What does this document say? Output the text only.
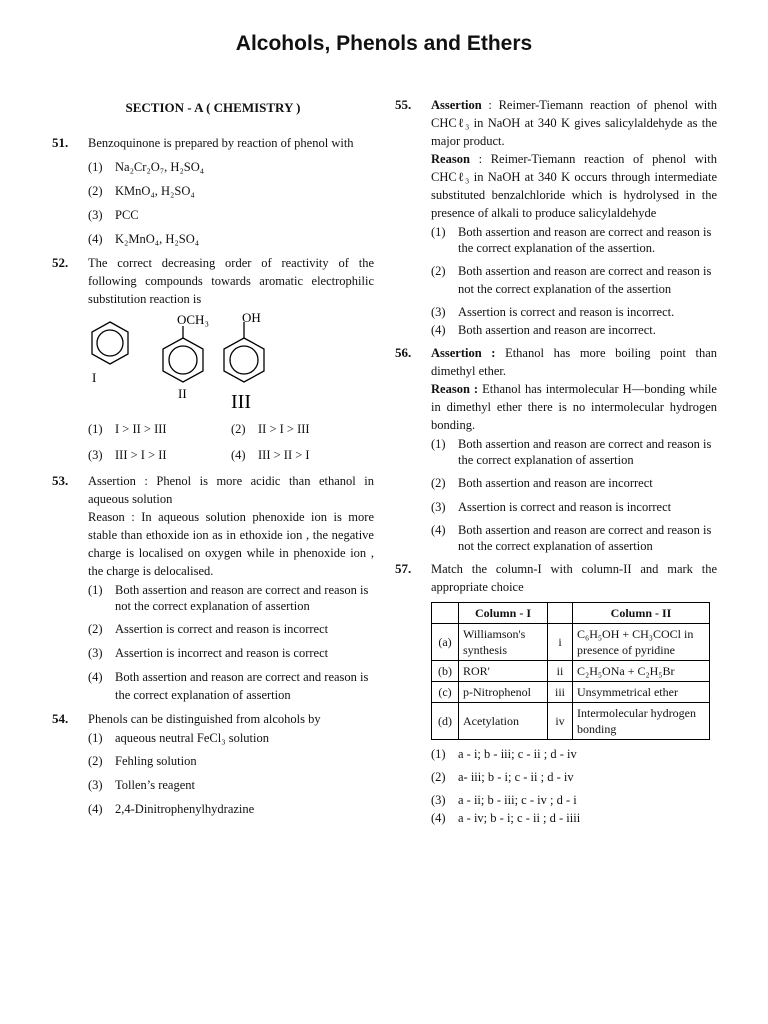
Alcohols, Phenols and Ethers
SECTION - A ( CHEMISTRY )
51. Benzoquinone is prepared by reaction of phenol with
(1) Na₂Cr₂O₇, H₂SO₄
(2) KMnO₄, H₂SO₄
(3) PCC
(4) K₂MnO₄, H₂SO₄
52. The correct decreasing order of reactivity of the following compounds towards aromatic electrophilic substitution reaction is
I
OCH₃
II
OH
III
(1) I > II > III	(2) II > I > III
(3) III > I > II	(4) III > II > I
53. Assertion : Phenol is more acidic than ethanol in aqueous solution
Reason : In aqueous solution phenoxide ion is more stable than ethoxide ion as in ethoxide ion , the negative charge is localised on oxygen while in phenoxide ion , the charge is delocalised.
(1) Both assertion and reason are correct and reason is not the correct explanation of assertion
(2) Assertion is correct and reason is incorrect
(3) Assertion is incorrect and reason is correct
(4) Both assertion and reason are correct and reason is the correct explanation of assertion
54. Phenols can be distinguished from alcohols by
(1) aqueous neutral FeCl₃ solution
(2) Fehling solution
(3) Tollen’s reagent
(4) 2,4-Dinitrophenylhydrazine
55. Assertion : Reimer-Tiemann reaction of phenol with CHCℓ₃ in NaOH at 340 K gives salicylaldehyde as the major product.
Reason : Reimer-Tiemann reaction of phenol with CHCℓ₃ in NaOH at 340 K occurs through intermediate substituted benzalchloride which is hydrolysed in the presence of alkali to produce salicylaldehyde
(1) Both assertion and reason are correct and reason is the correct explanation of the assertion.
(2) Both assertion and reason are correct and reason is not the correct explanation of the assertion
(3) Assertion is correct and reason is incorrect.
(4) Both assertion and reason are incorrect.
56. Assertion : Ethanol has more boiling point than dimethyl ether.
Reason : Ethanol has intermolecular H—bonding while in dimethyl ether there is no intermolecular hydrogen bonding.
(1) Both assertion and reason are correct and reason is the correct explanation of assertion
(2) Both assertion and reason are incorrect
(3) Assertion is correct and reason is incorrect
(4) Both assertion and reason are correct and reason is not the correct explanation of assertion
57. Match the column-I with column-II and mark the appropriate choice
	Column - I		Column - II
(a)	Williamson's synthesis	i	C₆H₅OH + CH₃COCl in presence of pyridine
(b)	ROR'	ii	C₂H₅ONa + C₂H₅Br
(c)	p-Nitrophenol	iii	Unsymmetrical ether
(d)	Acetylation	iv	Intermolecular hydrogen bonding
(1) a - i; b - iii; c - ii ; d - iv
(2) a- iii; b - i; c - ii ; d - iv
(3) a - ii; b - iii; c - iv ; d - i
(4) a - iv; b - i; c - ii ; d - iiii
